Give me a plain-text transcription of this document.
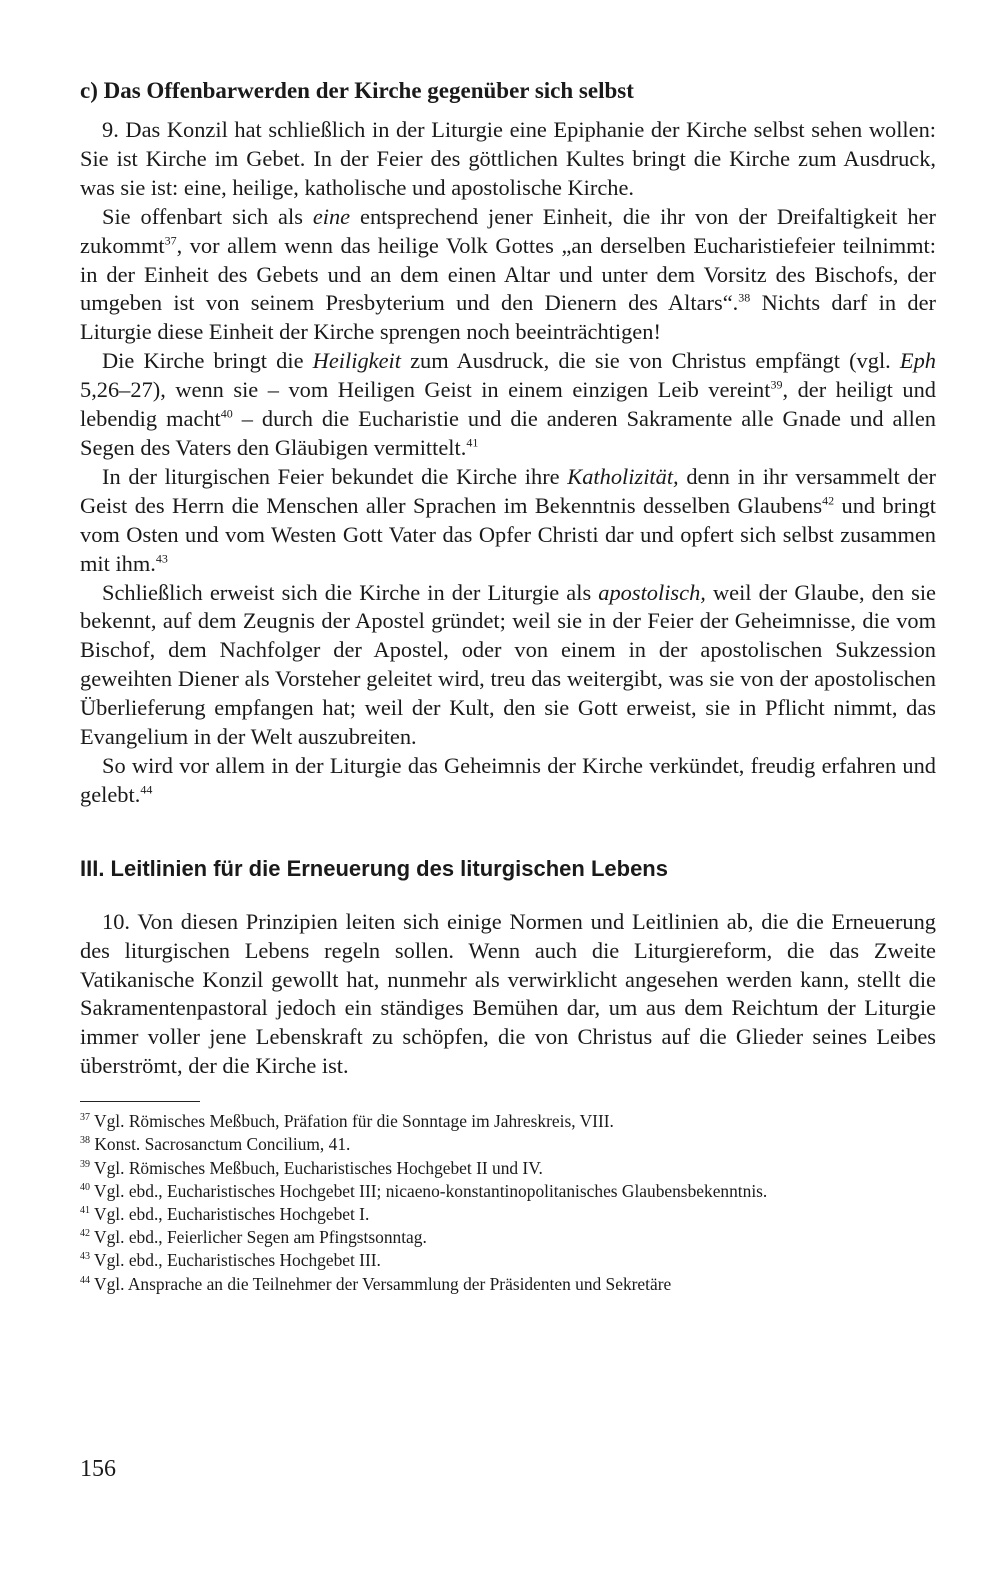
c) Das Offenbarwerden der Kirche gegenüber sich selbst

9. Das Konzil hat schließlich in der Liturgie eine Epiphanie der Kirche selbst sehen wollen: Sie ist Kirche im Gebet. In der Feier des göttlichen Kultes bringt die Kirche zum Ausdruck, was sie ist: eine, heilige, katholische und apostolische Kirche.

Sie offenbart sich als eine entsprechend jener Einheit, die ihr von der Dreifaltigkeit her zukommt$^{37}$, vor allem wenn das heilige Volk Gottes „an derselben Eucharistiefeier teilnimmt: in der Einheit des Gebets und an dem einen Altar und unter dem Vorsitz des Bischofs, der umgeben ist von seinem Presbyterium und den Dienern des Altars“.$^{38}$ Nichts darf in der Liturgie diese Einheit der Kirche sprengen noch beeinträchtigen!

Die Kirche bringt die Heiligkeit zum Ausdruck, die sie von Christus empfängt (vgl. Eph 5,26–27), wenn sie – vom Heiligen Geist in einem einzigen Leib vereint$^{39}$, der heiligt und lebendig macht$^{40}$ – durch die Eucharistie und die anderen Sakramente alle Gnade und allen Segen des Vaters den Gläubigen vermittelt.$^{41}$

In der liturgischen Feier bekundet die Kirche ihre Katholizität, denn in ihr versammelt der Geist des Herrn die Menschen aller Sprachen im Bekenntnis desselben Glaubens$^{42}$ und bringt vom Osten und vom Westen Gott Vater das Opfer Christi dar und opfert sich selbst zusammen mit ihm.$^{43}$

Schließlich erweist sich die Kirche in der Liturgie als apostolisch, weil der Glaube, den sie bekennt, auf dem Zeugnis der Apostel gründet; weil sie in der Feier der Geheimnisse, die vom Bischof, dem Nachfolger der Apostel, oder von einem in der apostolischen Sukzession geweihten Diener als Vorsteher geleitet wird, treu das weitergibt, was sie von der apostolischen Überlieferung empfangen hat; weil der Kult, den sie Gott erweist, sie in Pflicht nimmt, das Evangelium in der Welt auszubreiten.

So wird vor allem in der Liturgie das Geheimnis der Kirche verkündet, freudig erfahren und gelebt.$^{44}$

III. Leitlinien für die Erneuerung des liturgischen Lebens

10. Von diesen Prinzipien leiten sich einige Normen und Leitlinien ab, die die Erneuerung des liturgischen Lebens regeln sollen. Wenn auch die Liturgiereform, die das Zweite Vatikanische Konzil gewollt hat, nunmehr als verwirklicht angesehen werden kann, stellt die Sakramentenpastoral jedoch ein ständiges Bemühen dar, um aus dem Reichtum der Liturgie immer voller jene Lebenskraft zu schöpfen, die von Christus auf die Glieder seines Leibes überströmt, der die Kirche ist.

$^{37}$ Vgl. Römisches Meßbuch, Präfation für die Sonntage im Jahreskreis, VIII.

$^{38}$ Konst. Sacrosanctum Concilium, 41.

$^{39}$ Vgl. Römisches Meßbuch, Eucharistisches Hochgebet II und IV.

$^{40}$ Vgl. ebd., Eucharistisches Hochgebet III; nicaeno-konstantinopolitanisches Glaubensbekenntnis.

$^{41}$ Vgl. ebd., Eucharistisches Hochgebet I.

$^{42}$ Vgl. ebd., Feierlicher Segen am Pfingstsonntag.

$^{43}$ Vgl. ebd., Eucharistisches Hochgebet III.

$^{44}$ Vgl. Ansprache an die Teilnehmer der Versammlung der Präsidenten und Sekretäre

156
